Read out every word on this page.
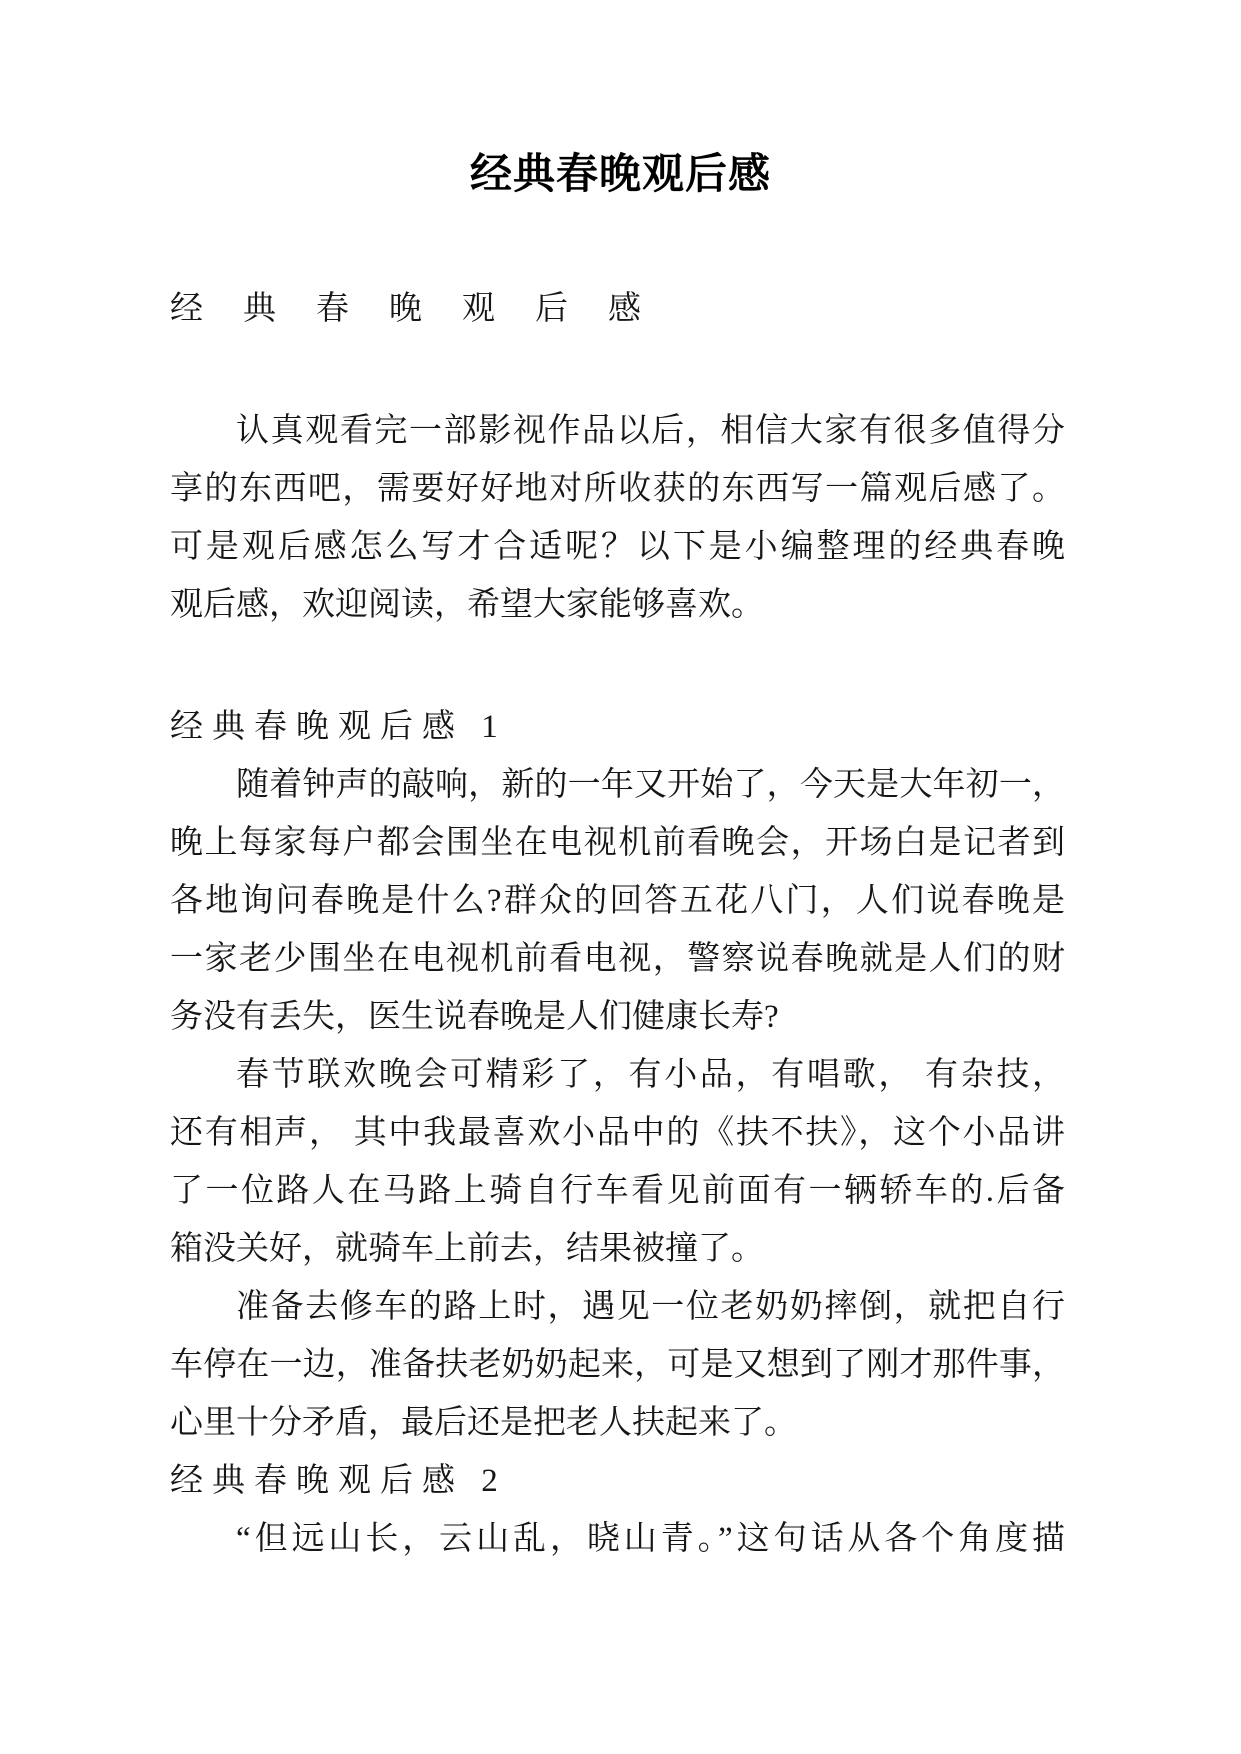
经典春晚观后感
经典春晚观后感
认真观看完一部影视作品以后，相信大家有很多值得分
享的东西吧，需要好好地对所收获的东西写一篇观后感了。
可是观后感怎么写才合适呢？以下是小编整理的经典春晚
观后感，欢迎阅读，希望大家能够喜欢。
经典春晚观后感 1
随着钟声的敲响，新的一年又开始了，今天是大年初一，
晚上每家每户都会围坐在电视机前看晚会，开场白是记者到
各地询问春晚是什么?群众的回答五花八门，人们说春晚是
一家老少围坐在电视机前看电视，警察说春晚就是人们的财
务没有丢失，医生说春晚是人们健康长寿?
春节联欢晚会可精彩了，有小品，有唱歌， 有杂技，
还有相声， 其中我最喜欢小品中的《扶不扶》，这个小品讲
了一位路人在马路上骑自行车看见前面有一辆轿车的.后备
箱没关好，就骑车上前去，结果被撞了。
准备去修车的路上时，遇见一位老奶奶摔倒，就把自行
车停在一边，准备扶老奶奶起来，可是又想到了刚才那件事，
心里十分矛盾，最后还是把老人扶起来了。
经典春晚观后感 2
“但远山长，云山乱，晓山青。”这句话从各个角度描
